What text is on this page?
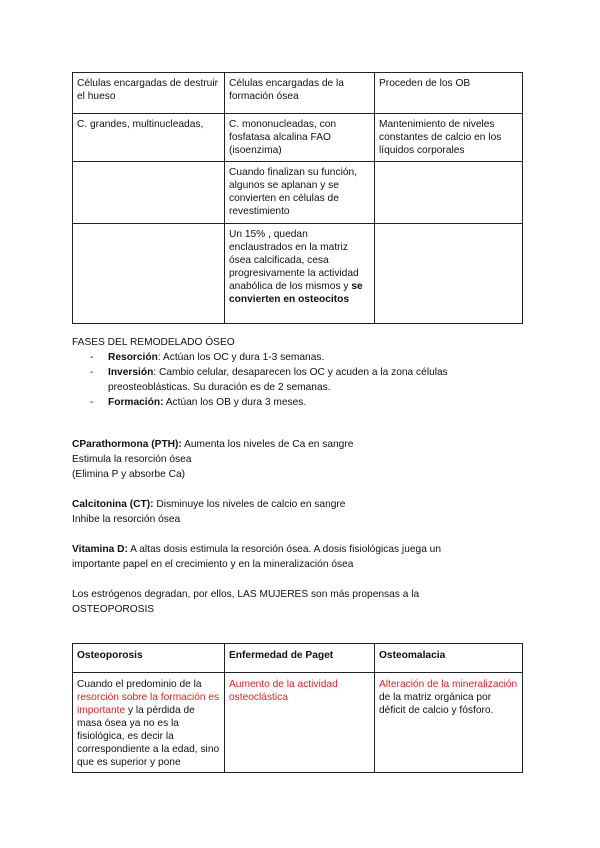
Células encargadas de destruir el hueso	Células encargadas de la formación ósea	Proceden de los OB
C. grandes, multinucleadas,	C. mononucleadas, con fosfatasa alcalina FAO (isoenzima)	Mantenimiento de niveles constantes de calcio en los líquidos corporales
	Cuando finalizan su función, algunos se aplanan y se convierten en células de revestimiento	
	Un 15% , quedan enclaustrados en la matriz ósea calcificada, cesa progresivamente la actividad anabólica de los mismos y se convierten en osteocitos	
FASES DEL REMODELADO ÓSEO
- Resorción: Actúan los OC y dura 1-3 semanas.
- Inversión: Cambio celular, desaparecen los OC y acuden a la zona células
preosteoblásticas. Su duración es de 2 semanas.
- Formación: Actúan los OB y dura 3 meses.
CParathormona (PTH): Aumenta los niveles de Ca en sangre
Estimula la resorción ósea
(Elimina P y absorbe Ca)
Calcitonina (CT): Disminuye los niveles de calcio en sangre
Inhibe la resorción ósea
Vitamina D: A altas dosis estimula la resorción ósea. A dosis fisiológicas juega un
importante papel en el crecimiento y en la mineralización ósea
Los estrógenos degradan, por ellos, LAS MUJERES son más propensas a la
OSTEOPOROSIS
Osteoporosis	Enfermedad de Paget	Osteomalacia
Cuando el predominio de la resorción sobre la formación es importante y la pérdida de masa ósea ya no es la fisiológica, es decir la correspondiente a la edad, sino que es superior y pone	Aumento de la actividad osteoclástica	Alteración de la mineralización de la matriz orgánica por déficit de calcio y fósforo.
